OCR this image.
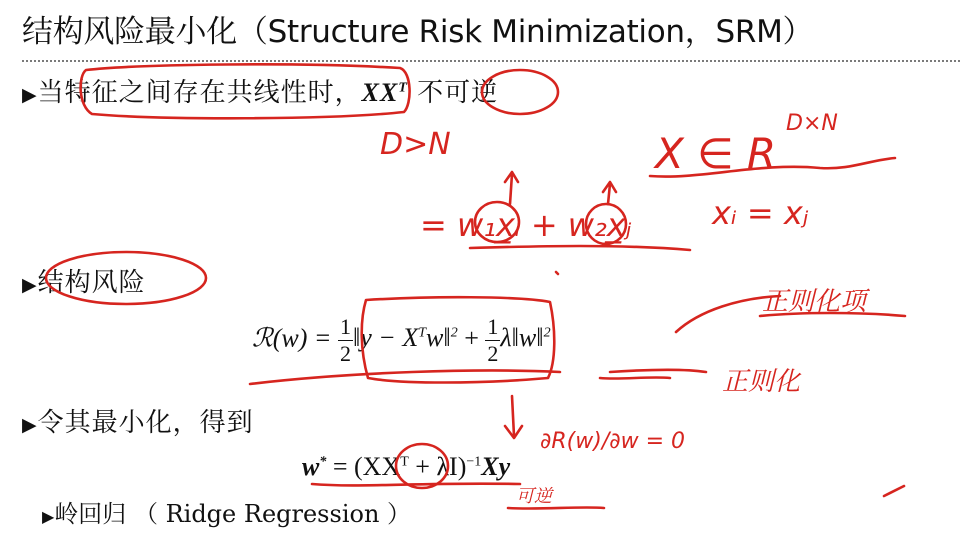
结构风险最小化（Structure Risk Minimization，SRM）
▶当特征之间存在共线性时，$XX^T$ 不可逆
▶结构风险
ℛ(w) = $\frac{1}{2}$ ‖y − $X^Tw‖^2 + \frac{1}{2}$ λ‖w‖$^2$
▶令其最小化，得到
$w^* = (XX^T + \lambda I)^{-1}Xy$
▶岭回归 （ Ridge Regression ）
D>N	X ∈ R
D×N
= w₁x̲ᵢ + w₂x̲ⱼ	xᵢ = xⱼ
正则化项
正则化
∂R(w)/∂w = 0
可逆
